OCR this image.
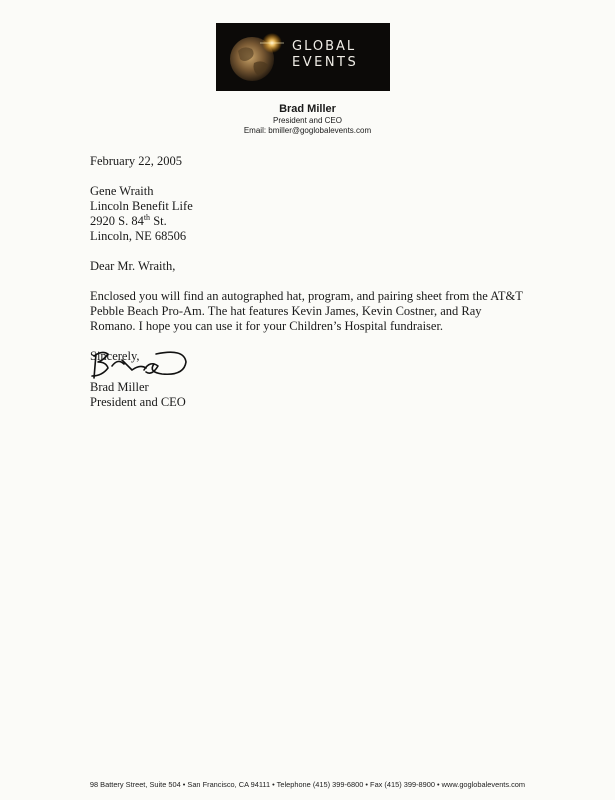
GLOBAL
EVENTS
Brad Miller
President and CEO
Email: bmiller@goglobalevents.com

February 22, 2005

Gene Wraith
Lincoln Benefit Life
2920 S. 84th St.
Lincoln, NE 68506

Dear Mr. Wraith,

Enclosed you will find an autographed hat, program, and pairing sheet from the AT&T Pebble Beach Pro-Am. The hat features Kevin James, Kevin Costner, and Ray Romano. I hope you can use it for your Children’s Hospital fundraiser.

Sincerely,

Brad Miller
President and CEO
98 Battery Street, Suite 504 • San Francisco, CA 94111 • Telephone (415) 399-6800 • Fax (415) 399-8900 • www.goglobalevents.com
